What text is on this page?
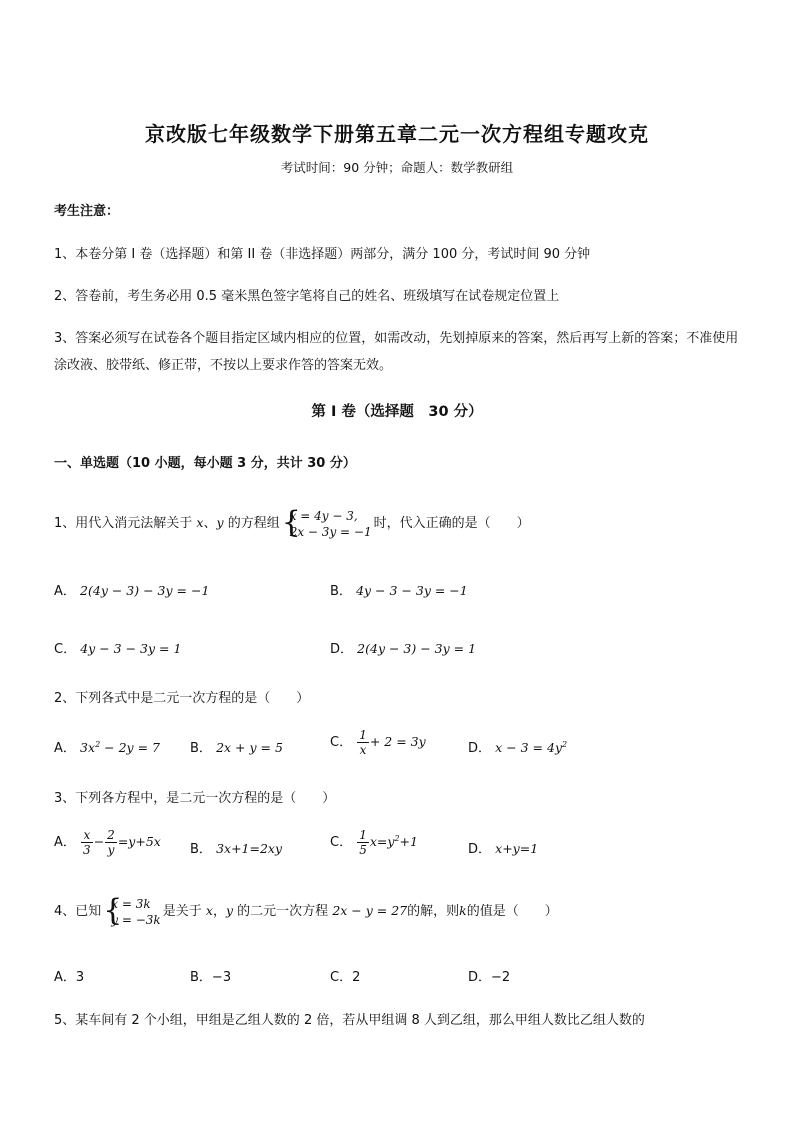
京改版七年级数学下册第五章二元一次方程组专题攻克
考试时间：90 分钟；命题人：数学教研组
考生注意：
1、本卷分第 I 卷（选择题）和第 II 卷（非选择题）两部分，满分 100 分，考试时间 90 分钟
2、答卷前，考生务必用 0.5 毫米黑色签字笔将自己的姓名、班级填写在试卷规定位置上
3、答案必须写在试卷各个题目指定区域内相应的位置，如需改动，先划掉原来的答案，然后再写上新的答案；不准使用涂改液、胶带纸、修正带，不按以上要求作答的答案无效。
第 I 卷（选择题　30 分）
一、单选题（10 小题，每小题 3 分，共计 30 分）
1、用代入消元法解关于 x、y 的方程组 {
x = 4y − 3,
2x − 3y = −1
时，代入正确的是（　　）
A． 2(4y − 3) − 3y = −1	B． 4y − 3 − 3y = −1
C． 4y − 3 − 3y = 1	D． 2(4y − 3) − 3y = 1
2、下列各式中是二元一次方程的是（　　）
A． $3x^2 - 2y = 7$ B． 2x + y = 5	C． $\frac{1}{x} + 2 = 3y$	D． $x - 3 = 4y^2$
3、下列各方程中，是二元一次方程的是（　　）
A． $\frac{x}{3} - \frac{2}{y} =y+5x$
B． 3x+1=2xy	C． $\frac{1}{5} x=y^2+1$
D． x+y=1
4、已知 {
x = 3k
y = −3k
是关于 x，y 的二元一次方程 2x − y = 27的解，则k的值是（　　）
A．3	B．−3	C．2	D．−2
5、某车间有 2 个小组，甲组是乙组人数的 2 倍，若从甲组调 8 人到乙组，那么甲组人数比乙组人数的
